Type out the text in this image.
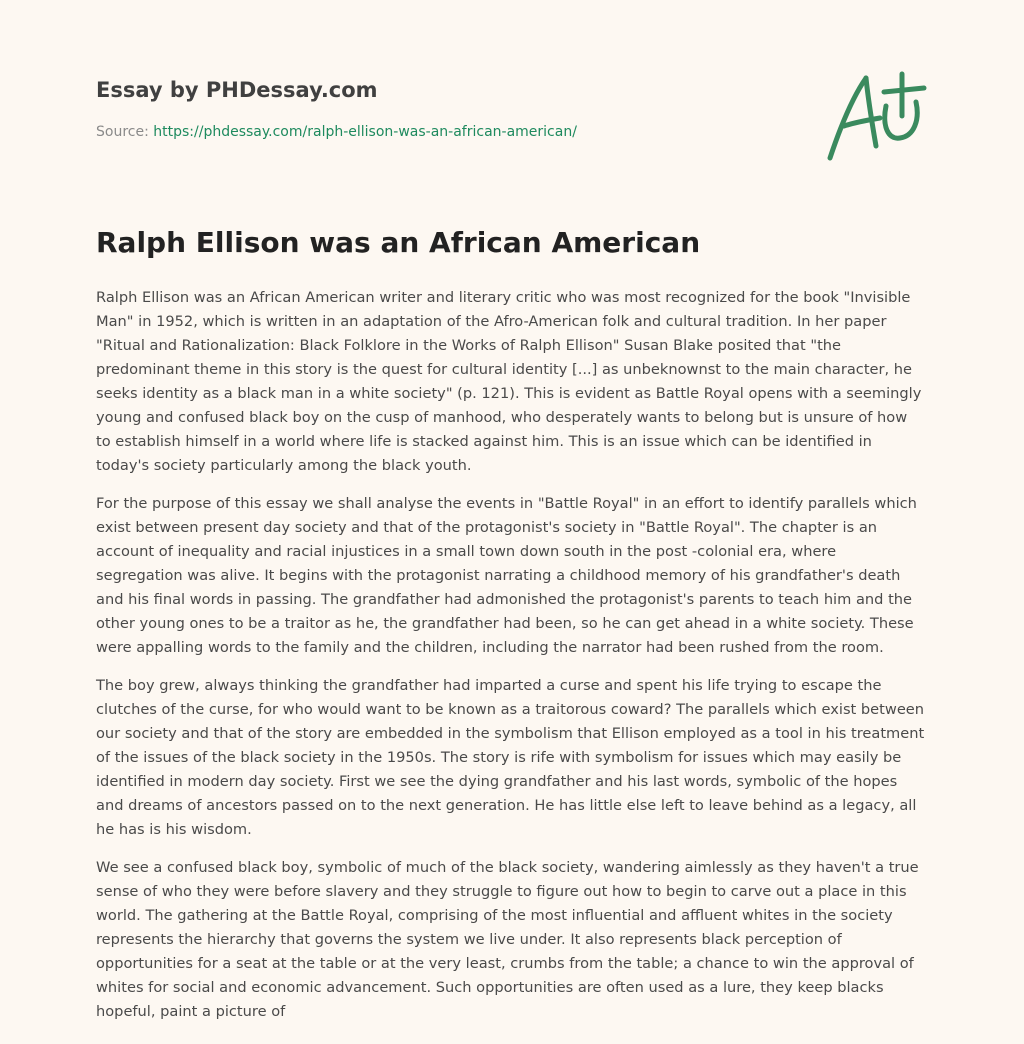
Essay by PHDessay.com
Source: https://phdessay.com/ralph-ellison-was-an-african-american/
Ralph Ellison was an African American

Ralph Ellison was an African American writer and literary critic who was most recognized for the book "Invisible Man" in 1952, which is written in an adaptation of the Afro-American folk and cultural tradition. In her paper "Ritual and Rationalization: Black Folklore in the Works of Ralph Ellison" Susan Blake posited that "the predominant theme in this story is the quest for cultural identity [...] as unbeknownst to the main character, he seeks identity as a black man in a white society" (p. 121). This is evident as Battle Royal opens with a seemingly young and confused black boy on the cusp of manhood, who desperately wants to belong but is unsure of how to establish himself in a world where life is stacked against him. This is an issue which can be identified in today's society particularly among the black youth.

For the purpose of this essay we shall analyse the events in "Battle Royal" in an effort to identify parallels which exist between present day society and that of the protagonist's society in "Battle Royal". The chapter is an account of inequality and racial injustices in a small town down south in the post -colonial era, where segregation was alive. It begins with the protagonist narrating a childhood memory of his grandfather's death and his final words in passing. The grandfather had admonished the protagonist's parents to teach him and the other young ones to be a traitor as he, the grandfather had been, so he can get ahead in a white society. These were appalling words to the family and the children, including the narrator had been rushed from the room.

The boy grew, always thinking the grandfather had imparted a curse and spent his life trying to escape the clutches of the curse, for who would want to be known as a traitorous coward? The parallels which exist between our society and that of the story are embedded in the symbolism that Ellison employed as a tool in his treatment of the issues of the black society in the 1950s. The story is rife with symbolism for issues which may easily be identified in modern day society. First we see the dying grandfather and his last words, symbolic of the hopes and dreams of ancestors passed on to the next generation. He has little else left to leave behind as a legacy, all he has is his wisdom.

We see a confused black boy, symbolic of much of the black society, wandering aimlessly as they haven't a true sense of who they were before slavery and they struggle to figure out how to begin to carve out a place in this world. The gathering at the Battle Royal, comprising of the most influential and affluent whites in the society represents the hierarchy that governs the system we live under. It also represents black perception of opportunities for a seat at the table or at the very least, crumbs from the table; a chance to win the approval of whites for social and economic advancement. Such opportunities are often used as a lure, they keep blacks hopeful, paint a picture of
